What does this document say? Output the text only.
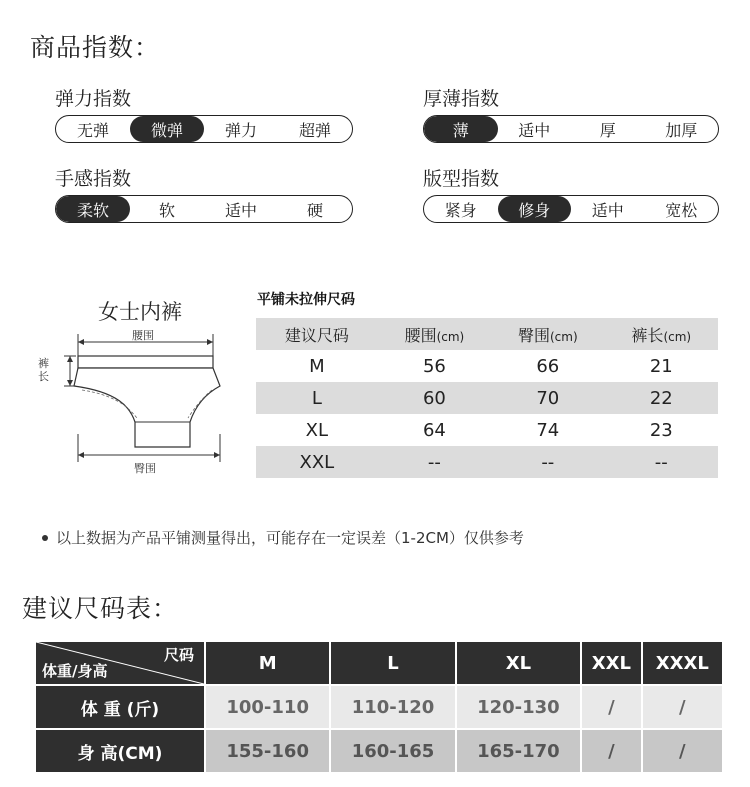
商品指数：
弹力指数
无弹	微弹	弹力	超弹
厚薄指数
薄	适中	厚	加厚
手感指数
柔软	软	适中	硬
版型指数
紧身	修身	适中	宽松
女士内裤
腰围
裤
长
臀围
平铺未拉伸尺码
建议尺码	腰围(cm)	臀围(cm)	裤长(cm)
M	56	66	21
L	60	70	22
XL	64	74	23
XXL	--	--	--
以上数据为产品平铺测量得出，可能存在一定误差（1-2CM）仅供参考
建议尺码表：
尺码
体重/身高	M	L	XL	XXL	XXXL
体 重 (斤)	100-110	110-120	120-130	/	/
身 高(CM)	155-160	160-165	165-170	/	/
